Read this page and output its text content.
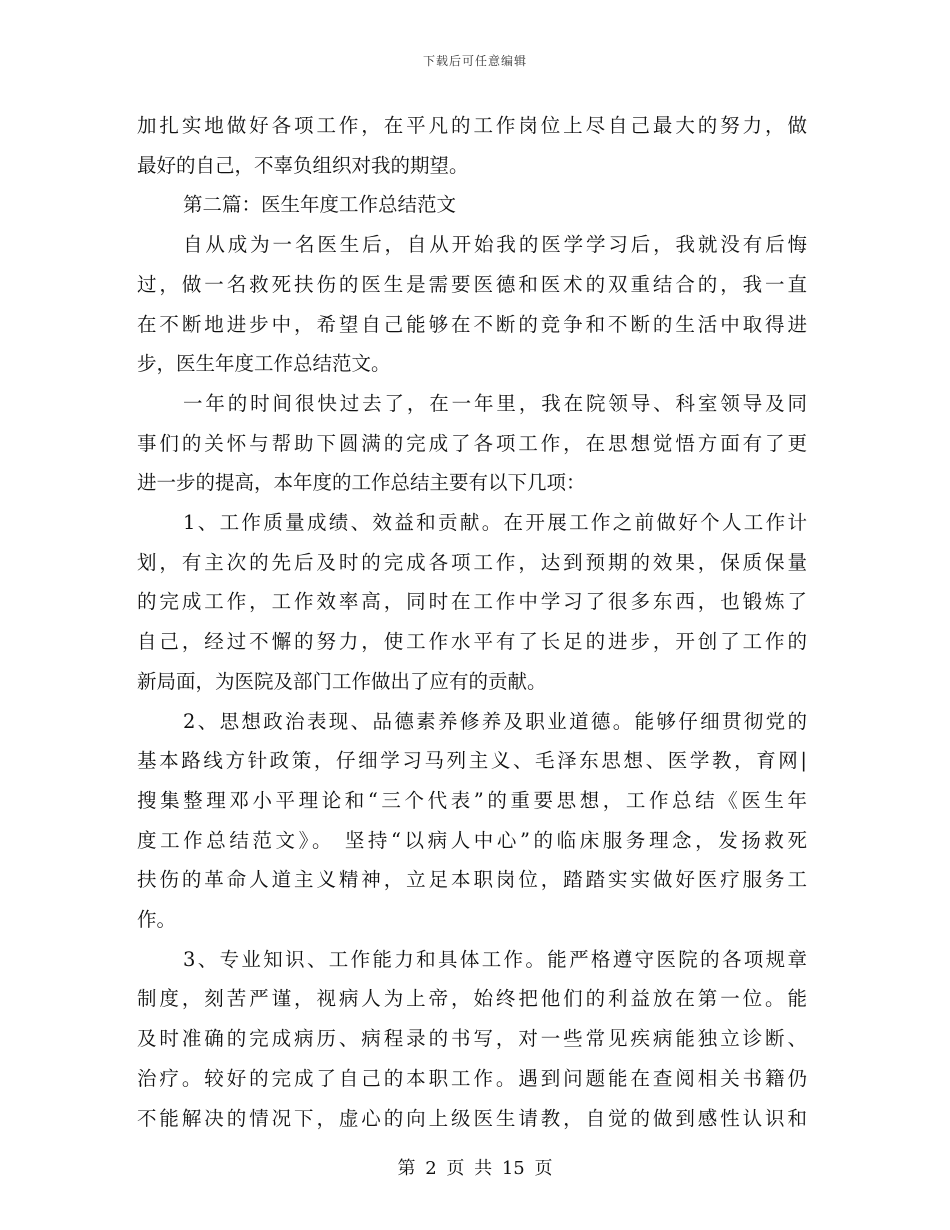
下载后可任意编辑
加扎实地做好各项工作，在平凡的工作岗位上尽自己最大的努力，做
最好的自己，不辜负组织对我的期望。
第二篇：医生年度工作总结范文
自从成为一名医生后，自从开始我的医学学习后，我就没有后悔
过，做一名救死扶伤的医生是需要医德和医术的双重结合的，我一直
在不断地进步中，希望自己能够在不断的竞争和不断的生活中取得进
步，医生年度工作总结范文。
一年的时间很快过去了，在一年里，我在院领导、科室领导及同
事们的关怀与帮助下圆满的完成了各项工作，在思想觉悟方面有了更
进一步的提高，本年度的工作总结主要有以下几项：
1、工作质量成绩、效益和贡献。在开展工作之前做好个人工作计
划，有主次的先后及时的完成各项工作，达到预期的效果，保质保量
的完成工作，工作效率高，同时在工作中学习了很多东西，也锻炼了
自己，经过不懈的努力，使工作水平有了长足的进步，开创了工作的
新局面，为医院及部门工作做出了应有的贡献。
2、思想政治表现、品德素养修养及职业道德。能够仔细贯彻党的
基本路线方针政策，仔细学习马列主义、毛泽东思想、医学教，育网|
搜集整理邓小平理论和“三个代表”的重要思想，工作总结《医生年
度工作总结范文》。 坚持“以病人中心”的临床服务理念，发扬救死
扶伤的革命人道主义精神，立足本职岗位，踏踏实实做好医疗服务工
作。
3、专业知识、工作能力和具体工作。能严格遵守医院的各项规章
制度，刻苦严谨，视病人为上帝，始终把他们的利益放在第一位。能
及时准确的完成病历、病程录的书写，对一些常见疾病能独立诊断、
治疗。较好的完成了自己的本职工作。遇到问题能在查阅相关书籍仍
不能解决的情况下，虚心的向上级医生请教，自觉的做到感性认识和
第 2 页 共 15 页
